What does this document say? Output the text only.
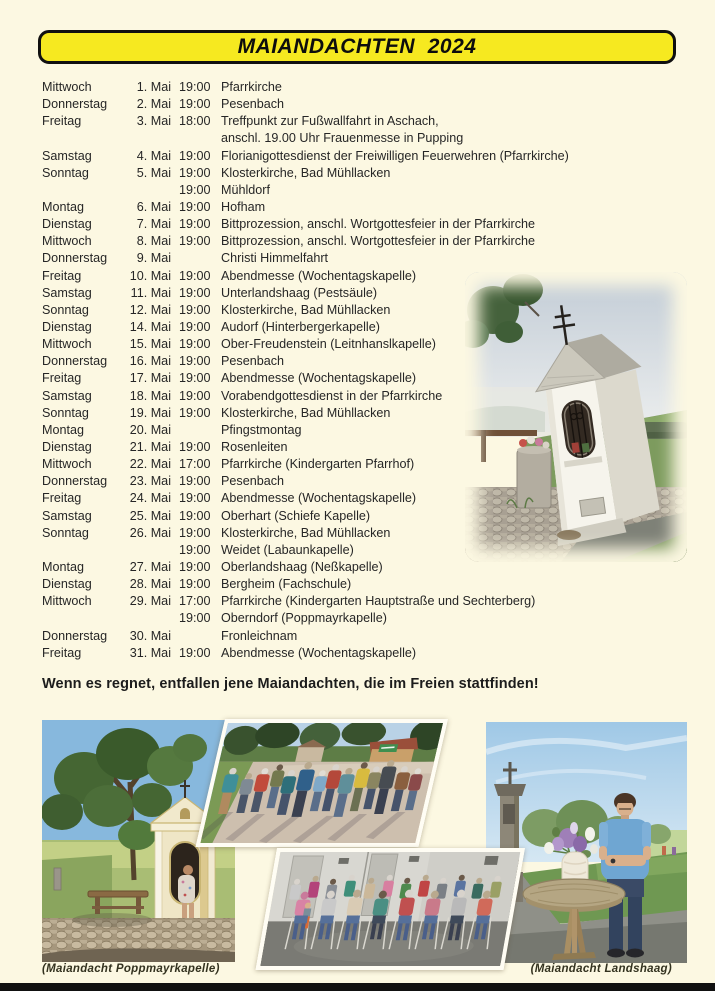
MAIANDACHTEN  2024
Mittwoch	1. Mai 19:00 Pfarrkirche
Donnerstag	2. Mai 19:00 Pesenbach
Freitag	3. Mai 18:00 Treffpunkt zur Fußwallfahrt in Aschach,
anschl. 19.00 Uhr Frauenmesse in Pupping
Samstag	4. Mai 19:00 Florianigottesdienst der Freiwilligen Feuerwehren (Pfarrkirche)
Sonntag	5. Mai 19:00 Klosterkirche, Bad Mühllacken
19:00 Mühldorf
Montag	6. Mai 19:00 Hofham
Dienstag	7. Mai 19:00 Bittprozession, anschl. Wortgottesfeier in der Pfarrkirche
Mittwoch	8. Mai 19:00 Bittprozession, anschl. Wortgottesfeier in der Pfarrkirche
Donnerstag	9. Mai	Christi Himmelfahrt
Freitag	10. Mai 19:00 Abendmesse (Wochentagskapelle)
Samstag	11. Mai 19:00 Unterlandshaag (Pestsäule)
Sonntag	12. Mai 19:00 Klosterkirche, Bad Mühllacken
Dienstag	14. Mai 19:00 Audorf (Hinterbergerkapelle)
Mittwoch	15. Mai 19:00 Ober-Freudenstein (Leitnhanslkapelle)
Donnerstag	16. Mai 19:00 Pesenbach
Freitag	17. Mai 19:00 Abendmesse (Wochentagskapelle)
Samstag	18. Mai 19:00 Vorabendgottesdienst in der Pfarrkirche
Sonntag	19. Mai 19:00 Klosterkirche, Bad Mühllacken
Montag	20. Mai	Pfingstmontag
Dienstag	21. Mai 19:00 Rosenleiten
Mittwoch	22. Mai 17:00 Pfarrkirche (Kindergarten Pfarrhof)
Donnerstag	23. Mai 19:00 Pesenbach
Freitag	24. Mai 19:00 Abendmesse (Wochentagskapelle)
Samstag	25. Mai 19:00 Oberhart (Schiefe Kapelle)
Sonntag	26. Mai 19:00 Klosterkirche, Bad Mühllacken
19:00 Weidet (Labaunkapelle)
Montag	27. Mai 19:00 Oberlandshaag (Neßkapelle)
Dienstag	28. Mai 19:00 Bergheim (Fachschule)
Mittwoch	29. Mai 17:00 Pfarrkirche (Kindergarten Hauptstraße und Sechterberg)
19:00 Oberndorf (Poppmayrkapelle)
Donnerstag	30. Mai	Fronleichnam
Freitag	31. Mai 19:00 Abendmesse (Wochentagskapelle)
Wenn es regnet, entfallen jene Maiandachten, die im Freien stattfinden!
(Maiandacht Poppmayrkapelle)	(Maiandacht Landshaag)
